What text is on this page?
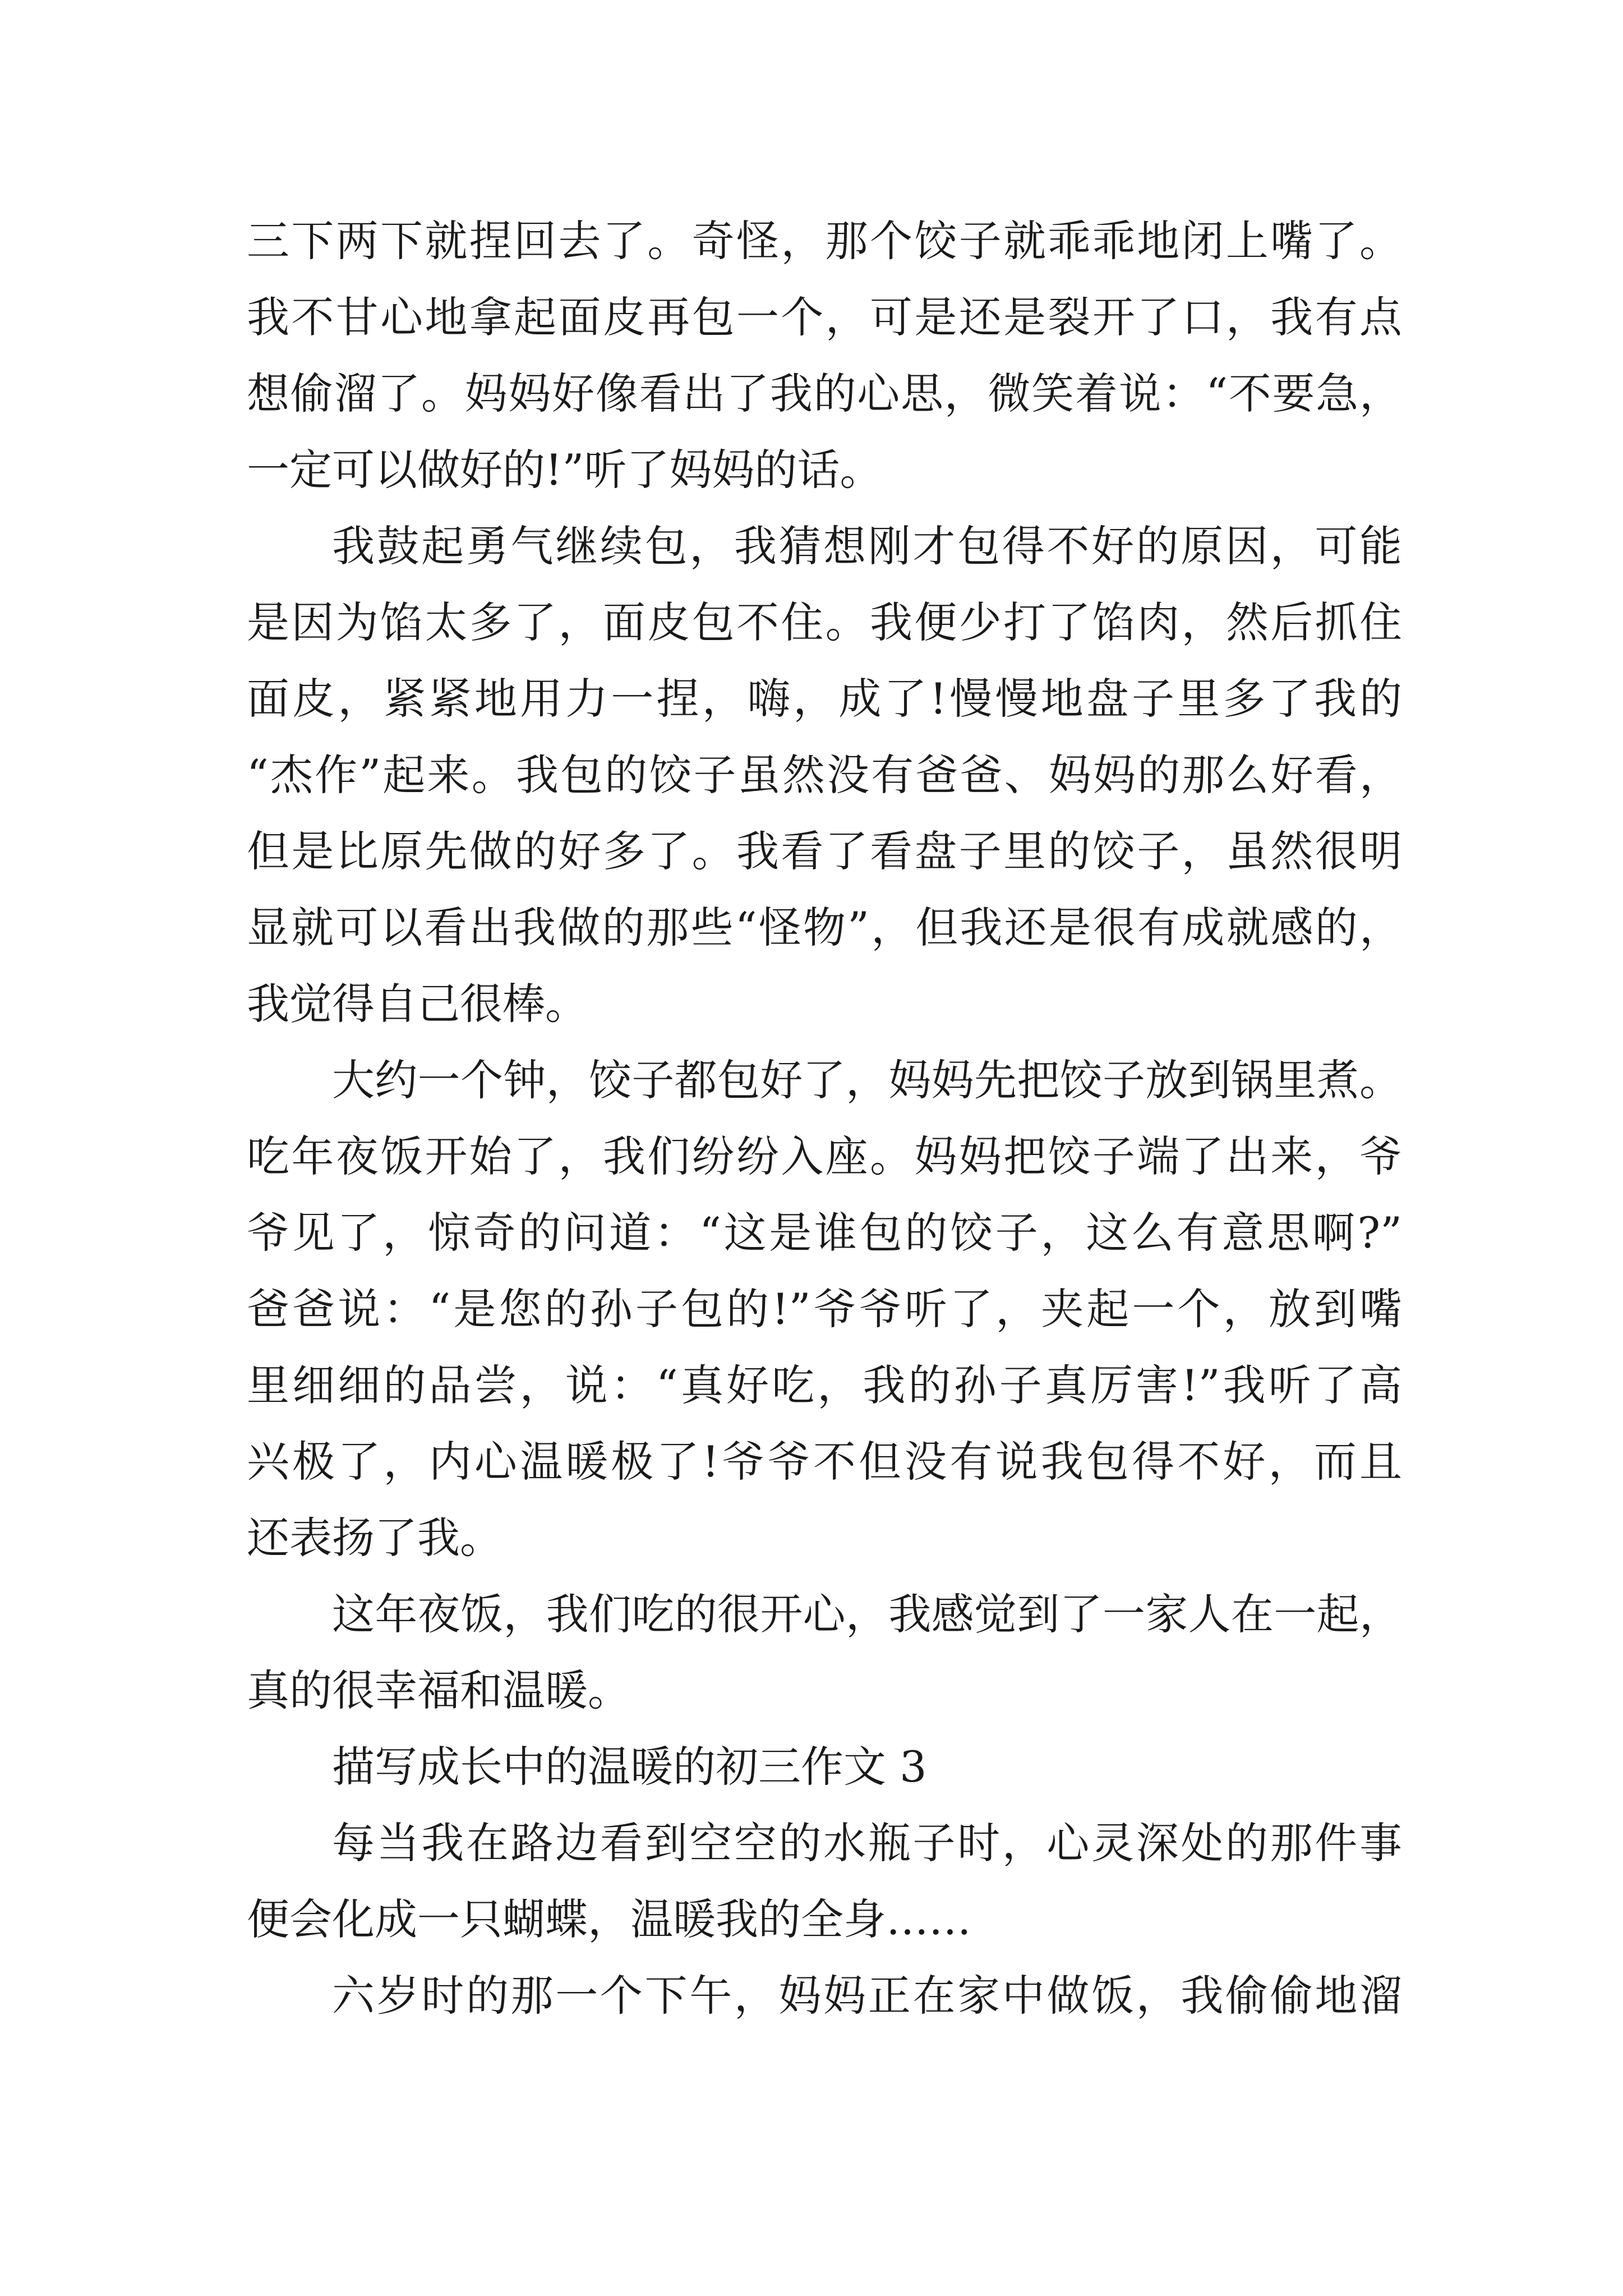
三下两下就捏回去了。奇怪，那个饺子就乖乖地闭上嘴了。
我不甘心地拿起面皮再包一个，可是还是裂开了口，我有点
想偷溜了。妈妈好像看出了我的心思，微笑着说：“不要急，
一定可以做好的!”听了妈妈的话。
我鼓起勇气继续包，我猜想刚才包得不好的原因，可能
是因为馅太多了，面皮包不住。我便少打了馅肉，然后抓住
面皮，紧紧地用力一捏，嗨，成了!慢慢地盘子里多了我的
“杰作”起来。我包的饺子虽然没有爸爸、妈妈的那么好看，
但是比原先做的好多了。我看了看盘子里的饺子，虽然很明
显就可以看出我做的那些“怪物”，但我还是很有成就感的，
我觉得自己很棒。
大约一个钟，饺子都包好了，妈妈先把饺子放到锅里煮。
吃年夜饭开始了，我们纷纷入座。妈妈把饺子端了出来，爷
爷见了，惊奇的问道：“这是谁包的饺子，这么有意思啊?”
爸爸说：“是您的孙子包的!”爷爷听了，夹起一个，放到嘴
里细细的品尝，说：“真好吃，我的孙子真厉害!”我听了高
兴极了，内心温暖极了!爷爷不但没有说我包得不好，而且
还表扬了我。
这年夜饭，我们吃的很开心，我感觉到了一家人在一起，
真的很幸福和温暖。
描写成长中的温暖的初三作文 3
每当我在路边看到空空的水瓶子时，心灵深处的那件事
便会化成一只蝴蝶，温暖我的全身……
六岁时的那一个下午，妈妈正在家中做饭，我偷偷地溜
